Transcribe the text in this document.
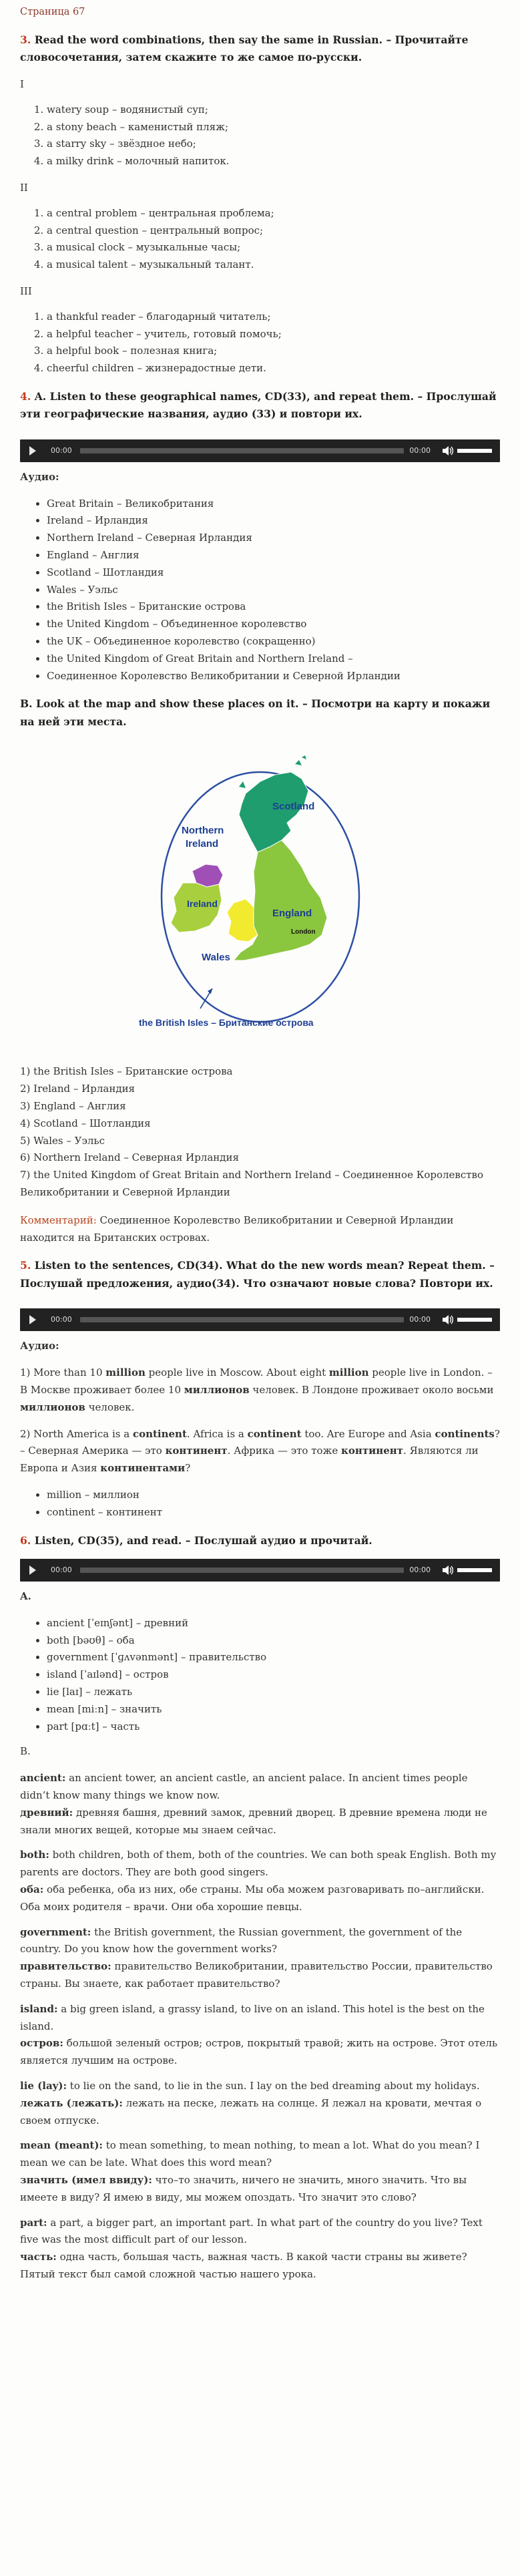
Страница 67
3. Read the word combinations, then say the same in Russian. – Прочитайте словосочетания, затем скажите то же самое по-русски.
I
1. watery soup – водянистый суп;
2. a stony beach – каменистый пляж;
3. a starry sky – звёздное небо;
4. a milky drink – молочный напиток.
II
1. a central problem – центральная проблема;
2. a central question – центральный вопрос;
3. a musical clock – музыкальные часы;
4. a musical talent – музыкальный талант.
III
1. a thankful reader – благодарный читатель;
2. a helpful teacher – учитель, готовый помочь;
3. a helpful book – полезная книга;
4. cheerful children – жизнерадостные дети.
4. A. Listen to these geographical names, CD(33), and repeat them. – Прослушай эти географические названия, аудио (33) и повтори их.
00:00	00:00
Аудио:
• Great Britain – Великобритания
• Ireland – Ирландия
• Northern Ireland – Северная Ирландия
• England – Англия
• Scotland – Шотландия
• Wales – Уэльс
• the British Isles – Британские острова
• the United Kingdom – Объединенное королевство
• the UK – Объединенное королевство (сокращенно)
• the United Kingdom of Great Britain and Northern Ireland –
• Соединенное Королевство Великобритании и Северной Ирландии
B. Look at the map and show these places on it. – Посмотри на карту и покажи на ней эти места.
Scotland
Northern
Ireland
Ireland
England
London
Wales
the British Isles – Британские острова
1) the British Isles – Британские острова
2) Ireland – Ирландия
3) England – Англия
4) Scotland – Шотландия
5) Wales – Уэльс
6) Northern Ireland – Северная Ирландия
7) the United Kingdom of Great Britain and Northern Ireland – Соединенное Королевство Великобритании и Северной Ирландии

Комментарий: Соединенное Королевство Великобритании и Северной Ирландии находится на Британских островах.

5. Listen to the sentences, CD(34). What do the new words mean? Repeat them. – Послушай предложения, аудио(34). Что означают новые слова? Повтори их.
00:00	00:00
Аудио:

1) More than 10 million people live in Moscow. About eight million people live in London. – В Москве проживает более 10 миллионов человек. В Лондоне проживает около восьми миллионов человек.

2) North America is a continent. Africa is a continent too. Are Europe and Asia continents? – Северная Америка — это континент. Африка — это тоже континент. Являются ли Европа и Азия континентами?

• million – миллион
• continent – континент
6. Listen, CD(35), and read. – Послушай аудио и прочитай.
00:00	00:00
A.
• ancient [ˈeɪnʃənt] – древний
• both [bəʊθ] – оба
• government [ˈɡʌvənmənt] – правительство
• island [ˈaɪlənd] – остров
• lie [laɪ] – лежать
• mean [miːn] – значить
• part [pɑːt] – часть
B.

ancient: an ancient tower, an ancient castle, an ancient palace. In ancient times people didn’t know many things we know now.
древний: древняя башня, древний замок, древний дворец. В древние времена люди не знали многих вещей, которые мы знаем сейчас.

both: both children, both of them, both of the countries. We can both speak English. Both my parents are doctors. They are both good singers.
оба: оба ребенка, оба из них, обе страны. Мы оба можем разговаривать по–английски. Оба моих родителя – врачи. Они оба хорошие певцы.

government: the British government, the Russian government, the government of the country. Do you know how the government works?
правительство: правительство Великобритании, правительство России, правительство страны. Вы знаете, как работает правительство?

island: a big green island, a grassy island, to live on an island. This hotel is the best on the island.
остров: большой зеленый остров; остров, покрытый травой; жить на острове. Этот отель является лучшим на острове.

lie (lay): to lie on the sand, to lie in the sun. I lay on the bed dreaming about my holidays.
лежать (лежать): лежать на песке, лежать на солнце. Я лежал на кровати, мечтая о своем отпуске.

mean (meant): to mean something, to mean nothing, to mean a lot. What do you mean? I mean we can be late. What does this word mean?
значить (имел ввиду): что–то значить, ничего не значить, много значить. Что вы имеете в виду? Я имею в виду, мы можем опоздать. Что значит это слово?

part: a part, a bigger part, an important part. In what part of the country do you live? Text five was the most difficult part of our lesson.
часть: одна часть, большая часть, важная часть. В какой части страны вы живете? Пятый текст был самой сложной частью нашего урока.
